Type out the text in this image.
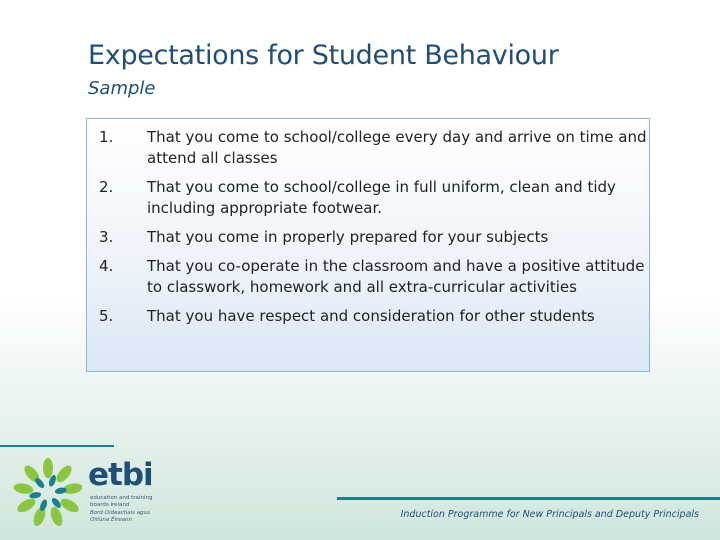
Expectations for Student Behaviour
Sample
1.	That you come to school/college every day and arrive on time and attend all classes
2.	That you come to school/college in full uniform, clean and tidy including appropriate footwear.
3.	That you come in properly prepared for your subjects
4.	That you co-operate in the classroom and have a positive attitude to classwork, homework and all extra-curricular activities
5.	That you have respect and consideration for other students
etbi
education and training
boards ireland
Bord Oideachais agus
Oiliúna Éireann	Induction Programme for New Principals and Deputy Principals
